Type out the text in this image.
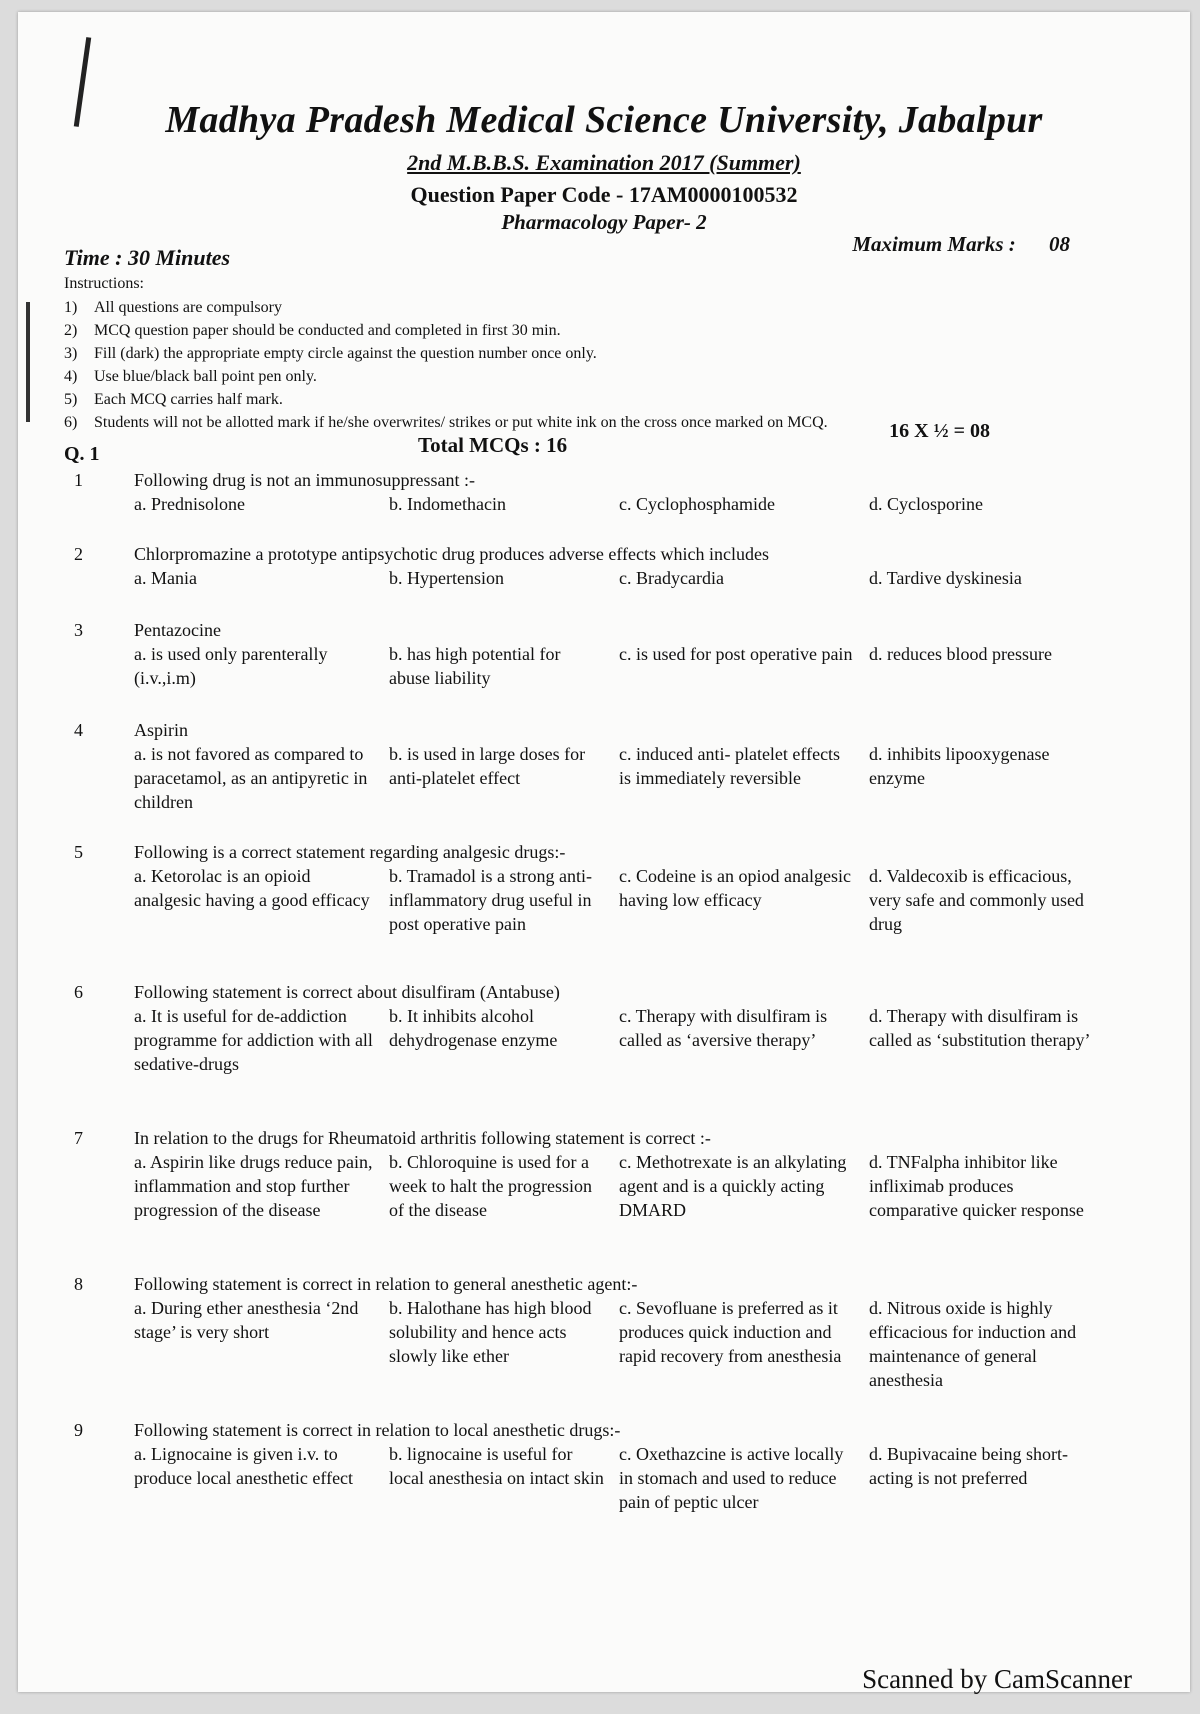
Madhya Pradesh Medical Science University, Jabalpur
2nd M.B.B.S. Examination 2017 (Summer)
Question Paper Code - 17AM0000100532
Pharmacology Paper- 2
Time : 30 Minutes
Maximum Marks : 08
Instructions:
1) All questions are compulsory
2) MCQ question paper should be conducted and completed in first 30 min.
3) Fill (dark) the appropriate empty circle against the question number once only.
4) Use blue/black ball point pen only.
5) Each MCQ carries half mark.
6) Students will not be allotted mark if he/she overwrites/ strikes or put white ink on the cross once marked on MCQ.
Q. 1	Total MCQs : 16
16 X ½ = 08
1	Following drug is not an immunosuppressant :-
a. Prednisolone	b. Indomethacin	c. Cyclophosphamide	d. Cyclosporine
2	Chlorpromazine a prototype antipsychotic drug produces adverse effects which includes
a. Mania	b. Hypertension	c. Bradycardia	d. Tardive dyskinesia
3	Pentazocine
a. is used only parenterally (i.v.,i.m)
b. has high potential for abuse liability
c. is used for post operative pain d. reduces blood pressure
4	Aspirin
a. is not favored as compared to paracetamol, as an antipyretic in children
b. is used in large doses for anti-platelet effect
c. induced anti- platelet effects is immediately reversible
d. inhibits lipooxygenase enzyme
5	Following is a correct statement regarding analgesic drugs:-
a. Ketorolac is an opioid analgesic having a good efficacy
b. Tramadol is a strong anti-inflammatory drug useful in post operative pain
c. Codeine is an opiod analgesic having low efficacy
d. Valdecoxib is efficacious, very safe and commonly used drug
6	Following statement is correct about disulfiram (Antabuse)
a. It is useful for de-addiction programme for addiction with all sedative-drugs
b. It inhibits alcohol dehydrogenase enzyme
c. Therapy with disulfiram is called as ‘aversive therapy’
d. Therapy with disulfiram is called as ‘substitution therapy’
7	In relation to the drugs for Rheumatoid arthritis following statement is correct :-
a. Aspirin like drugs reduce pain, inflammation and stop further progression of the disease
b. Chloroquine is used for a week to halt the progression of the disease
c. Methotrexate is an alkylating agent and is a quickly acting DMARD
d. TNFalpha inhibitor like infliximab produces comparative quicker response
8	Following statement is correct in relation to general anesthetic agent:-
a. During ether anesthesia ‘2nd stage’ is very short
b. Halothane has high blood solubility and hence acts slowly like ether
c. Sevofluane is preferred as it produces quick induction and rapid recovery from anesthesia
d. Nitrous oxide is highly efficacious for induction and maintenance of general anesthesia
9	Following statement is correct in relation to local anesthetic drugs:-
a. Lignocaine is given i.v. to produce local anesthetic effect
b. lignocaine is useful for local anesthesia on intact skin
c. Oxethazcine is active locally in stomach and used to reduce pain of peptic ulcer
d. Bupivacaine being short-acting is not preferred
Scanned by CamScanner
